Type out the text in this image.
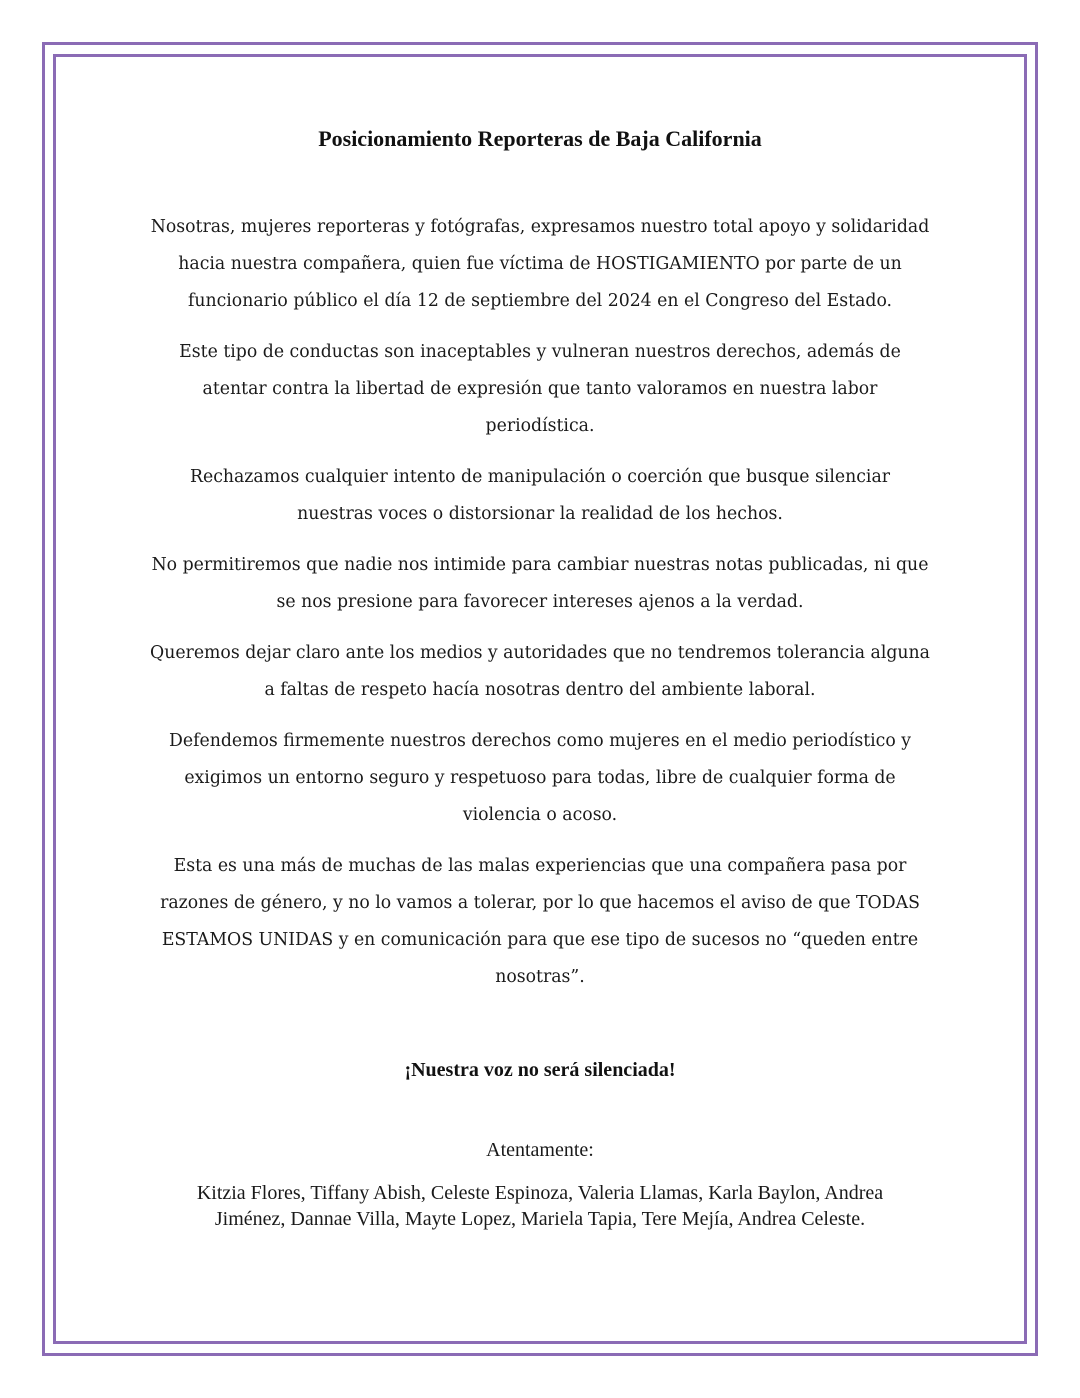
Posicionamiento Reporteras de Baja California

Nosotras, mujeres reporteras y fotógrafas, expresamos nuestro total apoyo y solidaridad hacia nuestra compañera, quien fue víctima de HOSTIGAMIENTO por parte de un funcionario público el día 12 de septiembre del 2024 en el Congreso del Estado.

Este tipo de conductas son inaceptables y vulneran nuestros derechos, además de atentar contra la libertad de expresión que tanto valoramos en nuestra labor periodística.

Rechazamos cualquier intento de manipulación o coerción que busque silenciar nuestras voces o distorsionar la realidad de los hechos.

No permitiremos que nadie nos intimide para cambiar nuestras notas publicadas, ni que se nos presione para favorecer intereses ajenos a la verdad.

Queremos dejar claro ante los medios y autoridades que no tendremos tolerancia alguna a faltas de respeto hacía nosotras dentro del ambiente laboral.

Defendemos firmemente nuestros derechos como mujeres en el medio periodístico y exigimos un entorno seguro y respetuoso para todas, libre de cualquier forma de violencia o acoso.

Esta es una más de muchas de las malas experiencias que una compañera pasa por razones de género, y no lo vamos a tolerar, por lo que hacemos el aviso de que TODAS ESTAMOS UNIDAS y en comunicación para que ese tipo de sucesos no “queden entre nosotras”.

¡Nuestra voz no será silenciada!

Atentamente:

Kitzia Flores, Tiffany Abish, Celeste Espinoza, Valeria Llamas, Karla Baylon, Andrea Jiménez, Dannae Villa, Mayte Lopez, Mariela Tapia, Tere Mejía, Andrea Celeste.
